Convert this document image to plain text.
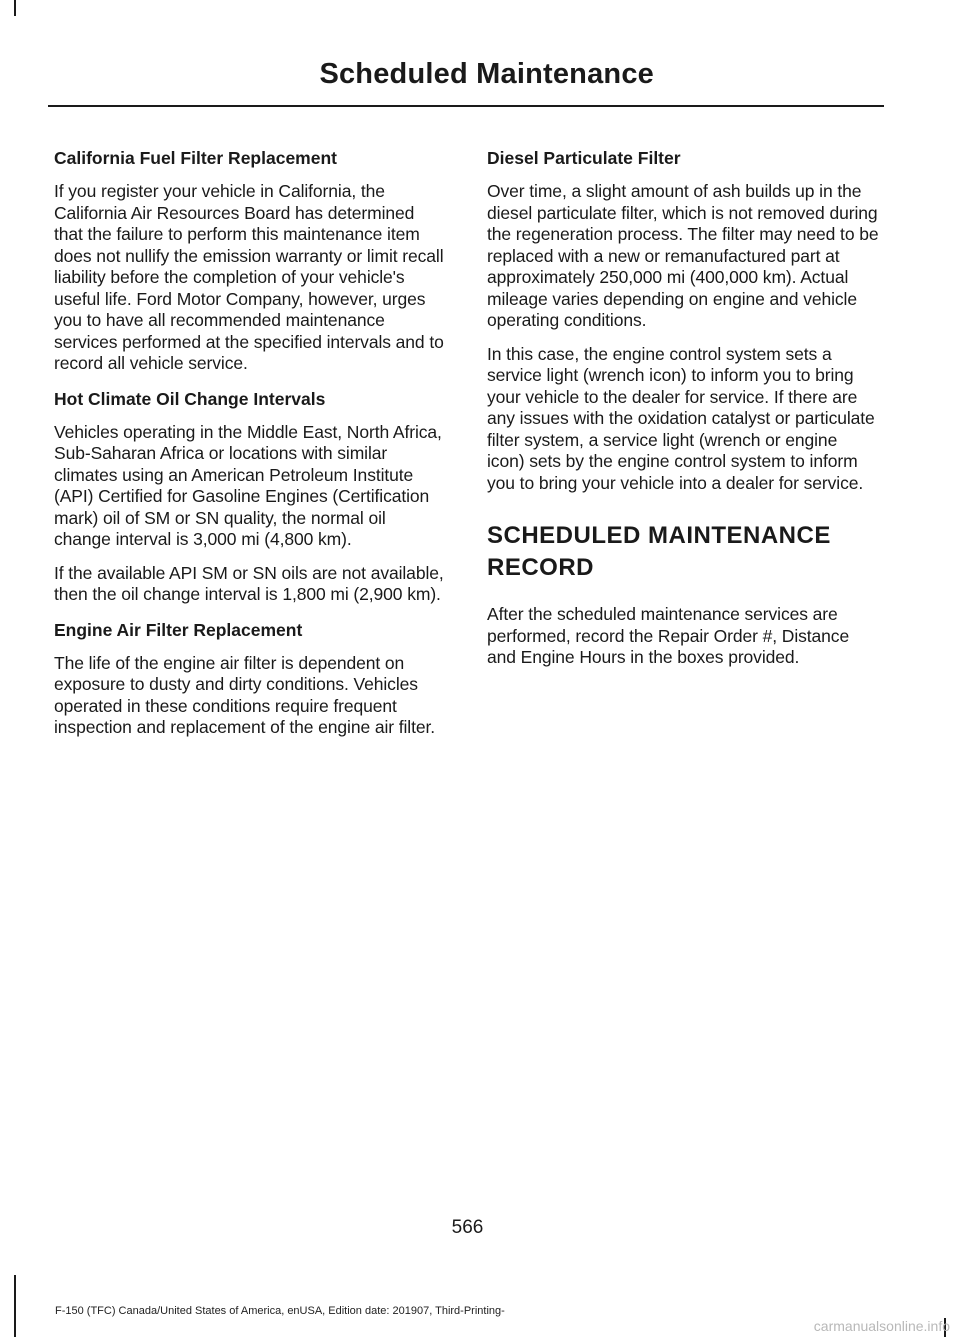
Scheduled Maintenance
California Fuel Filter Replacement

If you register your vehicle in California, the California Air Resources Board has determined that the failure to perform this maintenance item does not nullify the emission warranty or limit recall liability before the completion of your vehicle's useful life. Ford Motor Company, however, urges you to have all recommended maintenance services performed at the specified intervals and to record all vehicle service.

Hot Climate Oil Change Intervals

Vehicles operating in the Middle East, North Africa, Sub-Saharan Africa or locations with similar climates using an American Petroleum Institute (API) Certified for Gasoline Engines (Certification mark) oil of SM or SN quality, the normal oil change interval is 3,000 mi (4,800 km).

If the available API SM or SN oils are not available, then the oil change interval is 1,800 mi (2,900 km).

Engine Air Filter Replacement

The life of the engine air filter is dependent on exposure to dusty and dirty conditions. Vehicles operated in these conditions require frequent inspection and replacement of the engine air filter.

Diesel Particulate Filter

Over time, a slight amount of ash builds up in the diesel particulate filter, which is not removed during the regeneration process. The filter may need to be replaced with a new or remanufactured part at approximately 250,000 mi (400,000 km). Actual mileage varies depending on engine and vehicle operating conditions.

In this case, the engine control system sets a service light (wrench icon) to inform you to bring your vehicle to the dealer for service. If there are any issues with the oxidation catalyst or particulate filter system, a service light (wrench or engine icon) sets by the engine control system to inform you to bring your vehicle into a dealer for service.

SCHEDULED MAINTENANCE RECORD

After the scheduled maintenance services are performed, record the Repair Order #, Distance and Engine Hours in the boxes provided.

566
F-150 (TFC) Canada/United States of America, enUSA, Edition date: 201907, Third-Printing-
carmanualsonline.info
